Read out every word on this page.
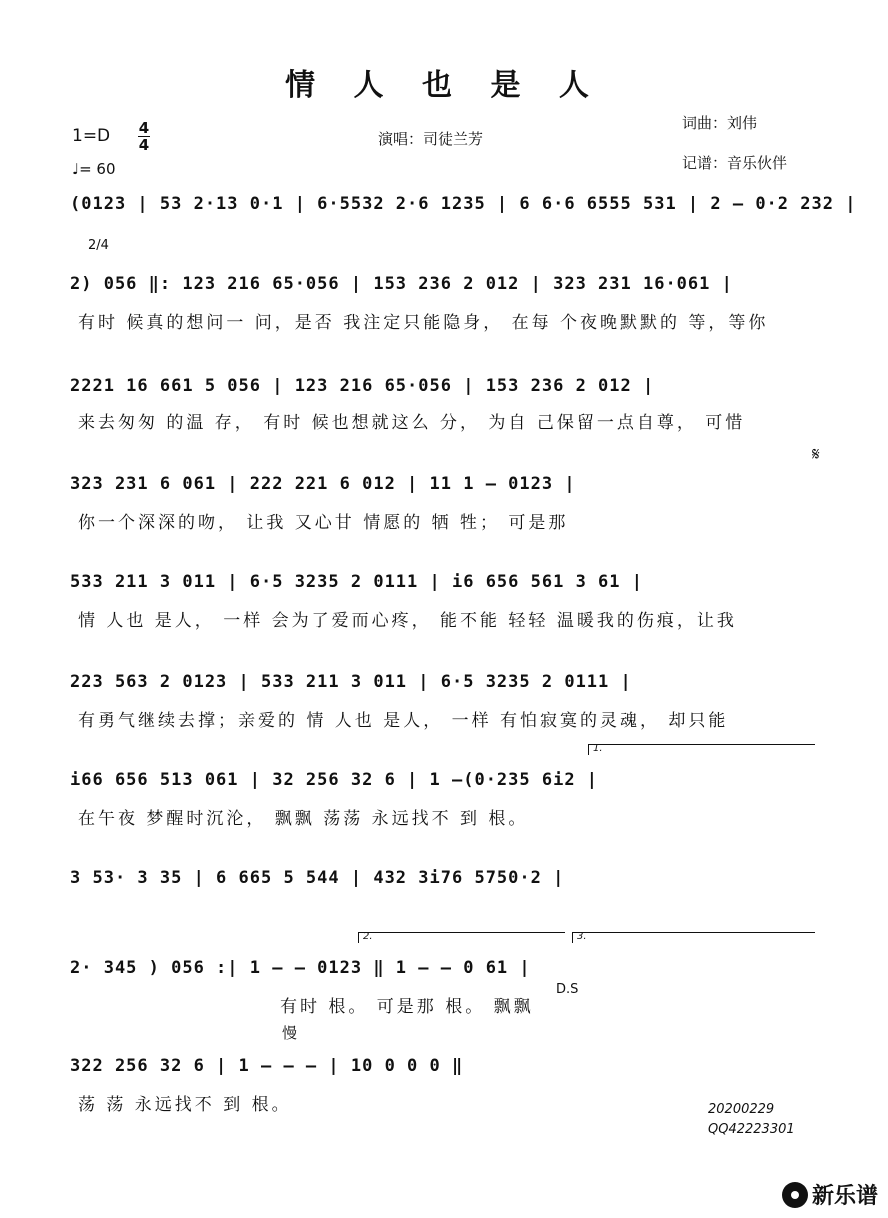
情 人 也 是 人
1=D 4
4
♩= 60
演唱：司徒兰芳
词曲：刘伟
记谱：音乐伙伴
2/4
𝄋
D.S
慢
(0123 | 53 2·13 0·1 | 6·5532 2·6 1235 | 6 6·6 6555 531 | 2 – 0·2 232 |
2) 056 ‖: 123 216 65·056 | 153 236 2 012 | 323 231 16·061 |
有时 候真的想问一 问，是否 我注定只能隐身， 在每 个夜晚默默的 等，等你
2221 16 661 5 056 | 123 216 65·056 | 153 236 2 012 |
来去匆匆 的温 存， 有时 候也想就这么 分， 为自 己保留一点自尊， 可惜
323 231 6 061 | 222 221 6 012 | 11 1 – 0123 |
你一个深深的吻， 让我 又心甘 情愿的 牺 牲； 可是那
533 211 3 011 | 6·5 3235 2 0111 | i6 656 561 3 61 |
情 人也 是人， 一样 会为了爱而心疼， 能不能 轻轻 温暖我的伤痕，让我
223 563 2 0123 | 533 211 3 011 | 6·5 3235 2 0111 |
有勇气继续去撑；亲爱的 情 人也 是人， 一样 有怕寂寞的灵魂， 却只能
1.
i66 656 513 061 | 32 256 32 6 | 1 –(0·235 6i2 |
在午夜 梦醒时沉沦， 飘飘 荡荡 永远找不 到 根。
3 53· 3 35 | 6 665 5 544 | 432 3i76 5750·2 |
2.	3.
2· 345 ) 056 :| 1 – – 0123 ‖ 1 – – 0 61 |
有时 根。 可是那 根。 飘飘
322 256 32 6 | 1 – – – | 10 0 0 0 ‖
荡 荡 永远找不 到 根。	20200229
QQ42223301
新乐谱
